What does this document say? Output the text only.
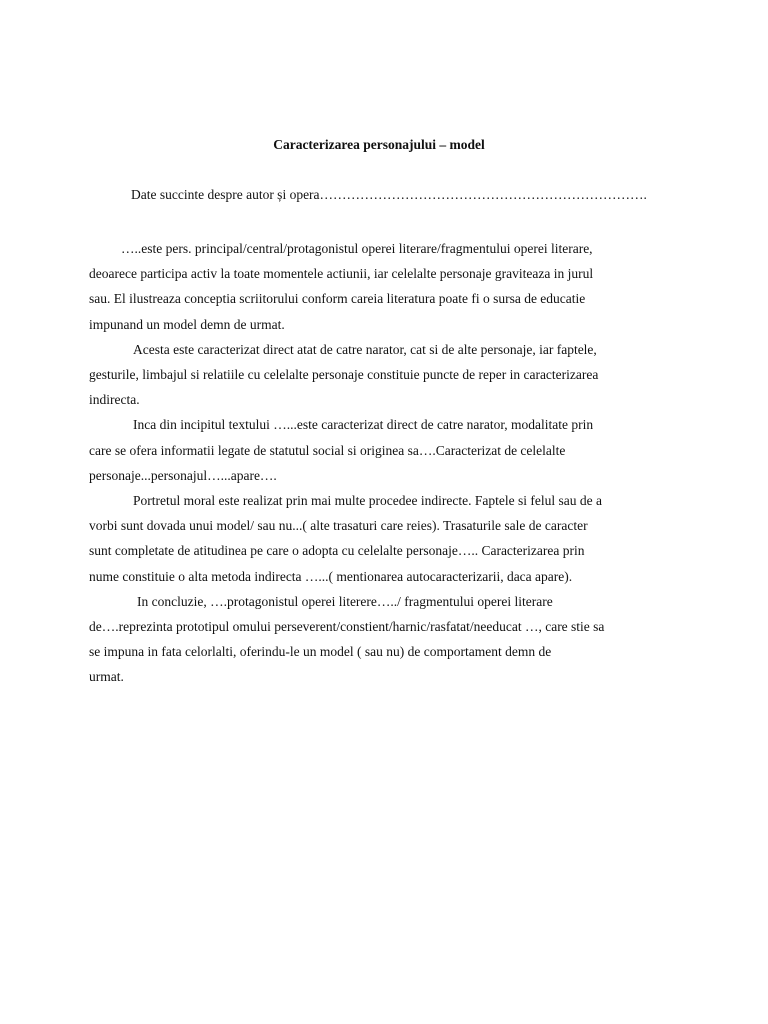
Caracterizarea personajului – model
Date succinte despre autor și opera……………………………………………………………….
…..este pers. principal/central/protagonistul operei literare/fragmentului operei literare,
deoarece participa activ la toate momentele actiunii, iar celelalte personaje graviteaza in jurul
sau. El ilustreaza conceptia scriitorului conform careia literatura poate fi o sursa de educatie
impunand un model demn de urmat.
Acesta este caracterizat direct atat de catre narator, cat si de alte personaje, iar faptele,
gesturile, limbajul si relatiile cu celelalte personaje constituie puncte de reper in caracterizarea
indirecta.
Inca din incipitul textului …...este caracterizat direct de catre narator, modalitate prin
care se ofera informatii legate de statutul social si originea sa….Caracterizat de celelalte
personaje...personajul…...apare….
Portretul moral este realizat prin mai multe procedee indirecte. Faptele si felul sau de a
vorbi sunt dovada unui model/ sau nu...( alte trasaturi care reies). Trasaturile sale de caracter
sunt completate de atitudinea pe care o adopta cu celelalte personaje….. Caracterizarea prin
nume constituie o alta metoda indirecta …...( mentionarea autocaracterizarii, daca apare).
In concluzie, ….protagonistul operei literere…../ fragmentului operei literare
de….reprezinta prototipul omului perseverent/constient/harnic/rasfatat/needucat …, care stie sa
se impuna in fata celorlalti, oferindu-le un model ( sau nu) de comportament demn de
urmat.
